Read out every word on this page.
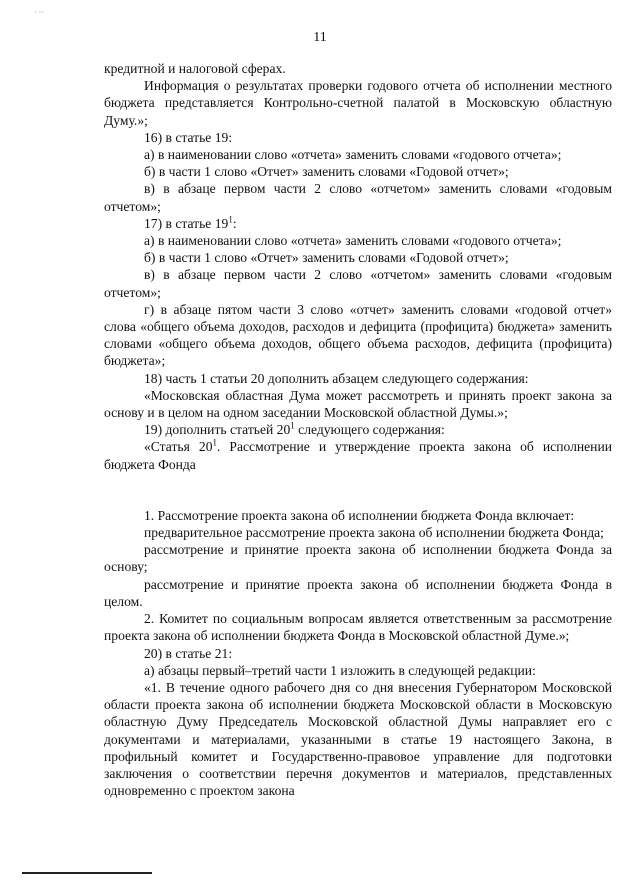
· ··
11

кредитной и налоговой сферах.

Информация о результатах проверки годового отчета об исполнении местного бюджета представляется Контрольно-счетной палатой в Московскую областную Думу.»;

16) в статье 19:

а) в наименовании слово «отчета» заменить словами «годового отчета»;

б) в части 1 слово «Отчет» заменить словами «Годовой отчет»;

в) в абзаце первом части 2 слово «отчетом» заменить словами «годовым отчетом»;

17) в статье $19^1$:

а) в наименовании слово «отчета» заменить словами «годового отчета»;

б) в части 1 слово «Отчет» заменить словами «Годовой отчет»;

в) в абзаце первом части 2 слово «отчетом» заменить словами «годовым отчетом»;

г) в абзаце пятом части 3 слово «отчет» заменить словами «годовой отчет» слова «общего объема доходов, расходов и дефицита (профицита) бюджета» заменить словами «общего объема доходов, общего объема расходов, дефицита (профицита) бюджета»;

18) часть 1 статьи 20 дополнить абзацем следующего содержания:

«Московская областная Дума может рассмотреть и принять проект закона за основу и в целом на одном заседании Московской областной Думы.»;

19) дополнить статьей $20^1$ следующего содержания:

«Статья $20^1$. Рассмотрение и утверждение проекта закона об исполнении бюджета Фонда

1. Рассмотрение проекта закона об исполнении бюджета Фонда включает:

предварительное рассмотрение проекта закона об исполнении бюджета Фонда;

рассмотрение и принятие проекта закона об исполнении бюджета Фонда за основу;

рассмотрение и принятие проекта закона об исполнении бюджета Фонда в целом.

2. Комитет по социальным вопросам является ответственным за рассмотрение проекта закона об исполнении бюджета Фонда в Московской областной Думе.»;

20) в статье 21:

а) абзацы первый–третий части 1 изложить в следующей редакции:

«1. В течение одного рабочего дня со дня внесения Губернатором Московской области проекта закона об исполнении бюджета Московской области в Московскую областную Думу Председатель Московской областной Думы направляет его с документами и материалами, указанными в статье 19 настоящего Закона, в профильный комитет и Государственно-правовое управление для подготовки заключения о соответствии перечня документов и материалов, представленных одновременно с проектом закона
